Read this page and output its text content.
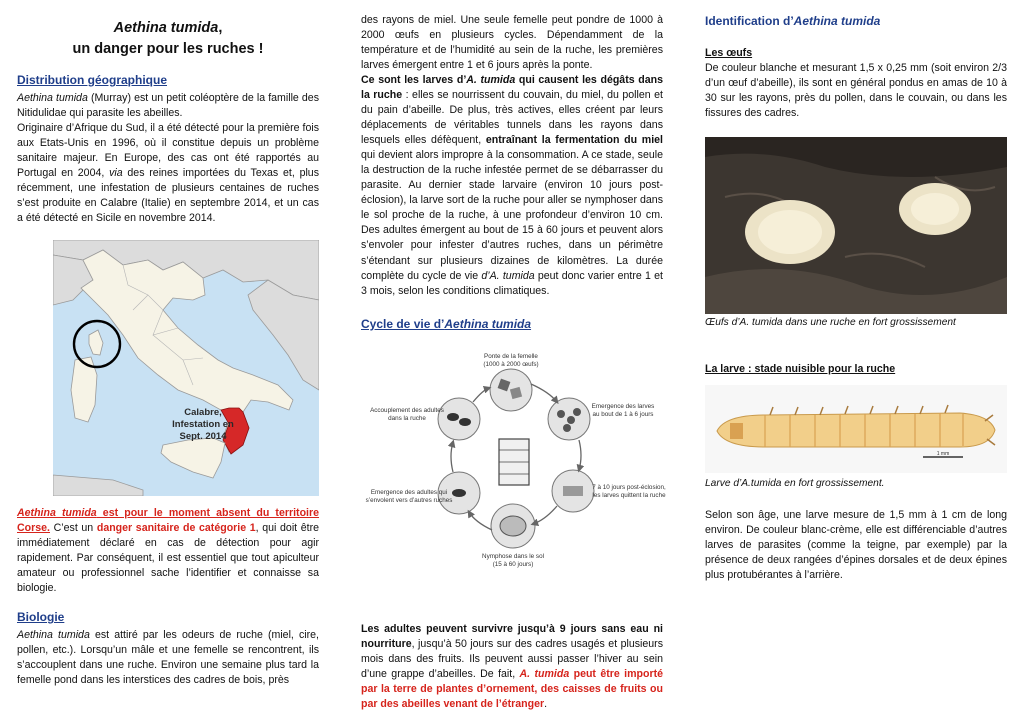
Aethina tumida,
un danger pour les ruches !
Distribution géographique

Aethina tumida (Murray) est un petit coléoptère de la famille des Nitidulidae qui parasite les abeilles.

Originaire d’Afrique du Sud, il a été détecté pour la première fois aux Etats-Unis en 1996, où il constitue depuis un problème sanitaire majeur. En Europe, des cas ont été rapportés au Portugal en 2004, via des reines importées du Texas et, plus récemment, une infestation de plusieurs centaines de ruches s’est produite en Calabre (Italie) en septembre 2014, et un cas a été détecté en Sicile en novembre 2014.

Calabre,
Infestation en
Sept. 2014

Aethina tumida est pour le moment absent du territoire Corse. C’est un danger sanitaire de catégorie 1, qui doit être immédiatement déclaré en cas de détection pour agir rapidement. Par conséquent, il est essentiel que tout apiculteur amateur ou professionnel sache l’identifier et connaisse sa biologie.

Biologie

Aethina tumida est attiré par les odeurs de ruche (miel, cire, pollen, etc.). Lorsqu’un mâle et une femelle se rencontrent, ils s’accouplent dans une ruche. Environ une semaine plus tard la femelle pond dans les interstices des cadres de bois, près

des rayons de miel. Une seule femelle peut pondre de 1000 à 2000 œufs en plusieurs cycles. Dépendamment de la température et de l’humidité au sein de la ruche, les premières larves émergent entre 1 et 6 jours après la ponte.

Ce sont les larves d’A. tumida qui causent les dégâts dans la ruche : elles se nourrissent du couvain, du miel, du pollen et du pain d’abeille. De plus, très actives, elles créent par leurs déplacements de véritables tunnels dans les rayons dans lesquels elles défèquent, entraînant la fermentation du miel qui devient alors impropre à la consommation. A ce stade, seule la destruction de la ruche infestée permet de se débarrasser du parasite. Au dernier stade larvaire (environ 10 jours post-éclosion), la larve sort de la ruche pour aller se nymphoser dans le sol proche de la ruche, à une profondeur d’environ 10 cm. Des adultes émergent au bout de 15 à 60 jours et peuvent alors s’envoler pour infester d’autres ruches, dans un périmètre s’étendant sur plusieurs dizaines de kilomètres. La durée complète du cycle de vie d’A. tumida peut donc varier entre 1 et 3 mois, selon les conditions climatiques.

Cycle de vie d’Aethina tumida
Ponte de la femelle
(1000 à 2000 œufs)
Accouplement des adultes
dans la ruche
Emergence des larves
au bout de 1 à 6 jours
Emergence des adultes qui
s’envolent vers d’autres ruches
7 à 10 jours post-éclosion,
les larves quittent la ruche
Nymphose dans le sol
(15 à 60 jours)

Les adultes peuvent survivre jusqu’à 9 jours sans eau ni nourriture, jusqu’à 50 jours sur des cadres usagés et plusieurs mois dans des fruits. Ils peuvent aussi passer l’hiver au sein d’une grappe d’abeilles. De fait, A. tumida peut être importé par la terre de plantes d’ornement, des caisses de fruits ou par des abeilles venant de l’étranger.

Identification d’Aethina tumida
Les œufs

De couleur blanche et mesurant 1,5 x 0,25 mm (soit environ 2/3 d’un œuf d’abeille), ils sont en général pondus en amas de 10 à 30 sur les rayons, près du pollen, dans le couvain, ou dans les fissures des cadres.

Œufs d’A. tumida dans une ruche en fort grossissement

La larve : stade nuisible pour la ruche
1 mm

Larve d’A.tumida en fort grossissement.

Selon son âge, une larve mesure de 1,5 mm à 1 cm de long environ. De couleur blanc-crème, elle est différenciable d’autres larves de parasites (comme la teigne, par exemple) par la présence de deux rangées d’épines dorsales et de deux épines plus protubérantes à l’arrière.
